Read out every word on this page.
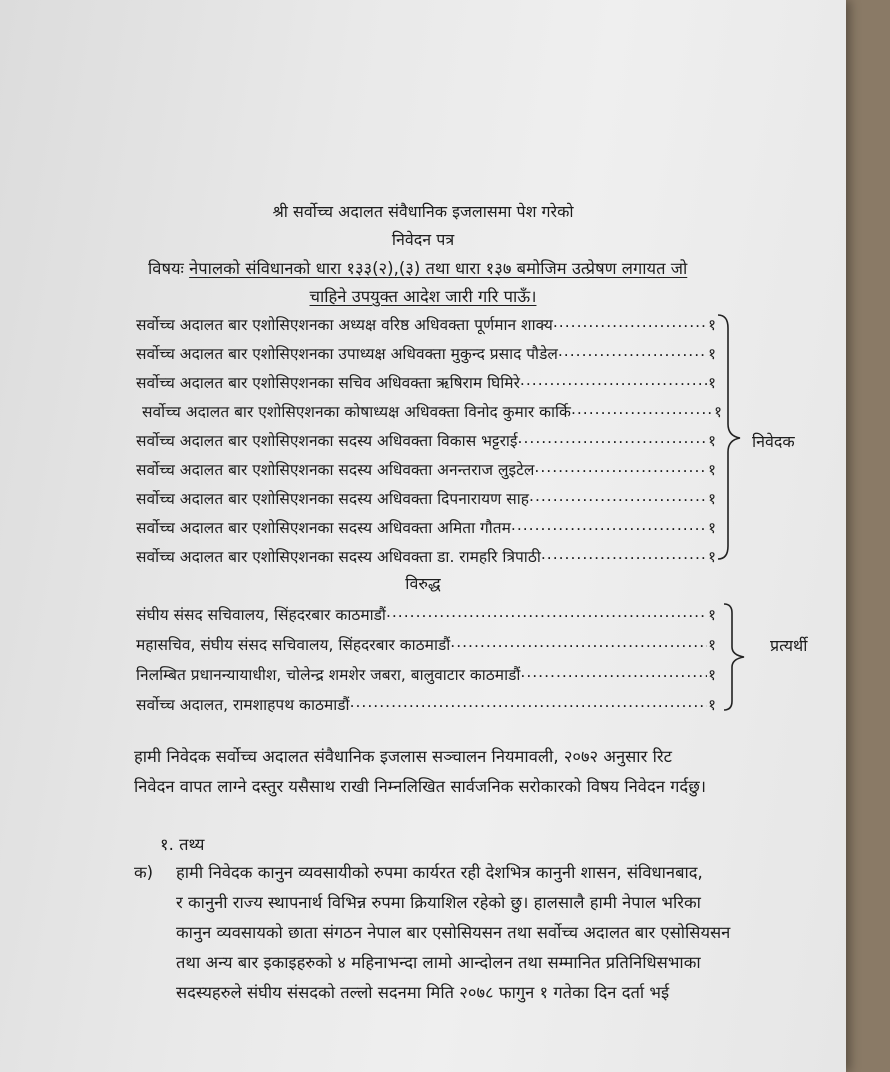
श्री सर्वोच्च अदालत संवैधानिक इजलासमा पेश गरेको
निवेदन पत्र
विषयः नेपालको संविधानको धारा १३३(२),(३) तथा धारा १३७ बमोजिम उत्प्रेषण लगायत जो
चाहिने उपयुक्त आदेश जारी गरि पाऊँ।
सर्वोच्च अदालत बार एशोसिएशनका अध्यक्ष वरिष्ठ अधिवक्ता पूर्णमान शाक्य .....	१
सर्वोच्च अदालत बार एशोसिएशनका उपाध्यक्ष अधिवक्ता मुकुन्द प्रसाद पौडेल .....	१
सर्वोच्च अदालत बार एशोसिएशनका सचिव अधिवक्ता ऋषिराम घिमिरे .....	१
सर्वोच्च अदालत बार एशोसिएशनका कोषाध्यक्ष अधिवक्ता विनोद कुमार कार्कि .....	१
सर्वोच्च अदालत बार एशोसिएशनका सदस्य अधिवक्ता विकास भट्टराई .....	१
सर्वोच्च अदालत बार एशोसिएशनका सदस्य अधिवक्ता अनन्तराज लुइटेल .....	१
सर्वोच्च अदालत बार एशोसिएशनका सदस्य अधिवक्ता दिपनारायण साह .....	१
सर्वोच्च अदालत बार एशोसिएशनका सदस्य अधिवक्ता अमिता गौतम .....	१
सर्वोच्च अदालत बार एशोसिएशनका सदस्य अधिवक्ता डा. रामहरि त्रिपाठी .....	१
निवेदक
विरुद्ध
संघीय संसद सचिवालय, सिंहदरबार काठमाडौं .....	१
महासचिव, संघीय संसद सचिवालय, सिंहदरबार काठमाडौं .....	१
निलम्बित प्रधानन्यायाधीश, चोलेन्द्र शमशेर जबरा, बालुवाटार काठमाडौं .....	१
सर्वोच्च अदालत, रामशाहपथ काठमाडौं .....	१
प्रत्यर्थी
हामी निवेदक सर्वोच्च अदालत संवैधानिक इजलास सञ्चालन नियमावली, २०७२ अनुसार रिट
निवेदन वापत लाग्ने दस्तुर यसैसाथ राखी निम्नलिखित सार्वजनिक सरोकारको विषय निवेदन गर्दछु।
१. तथ्य
क) हामी निवेदक कानुन व्यवसायीको रुपमा कार्यरत रही देशभित्र कानुनी शासन, संविधानबाद,
र कानुनी राज्य स्थापनार्थ विभिन्न रुपमा क्रियाशिल रहेको छु। हालसालै हामी नेपाल भरिका
कानुन व्यवसायको छाता संगठन नेपाल बार एसोसियसन तथा सर्वोच्च अदालत बार एसोसियसन
तथा अन्य बार इकाइहरुको ४ महिनाभन्दा लामो आन्दोलन तथा सम्मानित प्रतिनिधिसभाका
सदस्यहरुले संघीय संसदको तल्लो सदनमा मिति २०७८ फागुन १ गतेका दिन दर्ता भई
